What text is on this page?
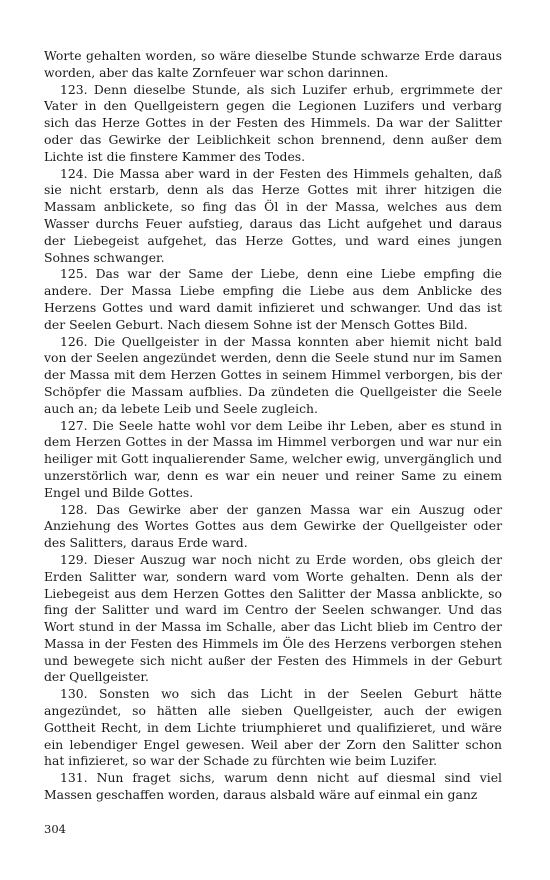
Worte gehalten worden, so wäre dieselbe Stunde schwarze Erde daraus worden, aber das kalte Zornfeuer war schon darinnen.

123. Denn dieselbe Stunde, als sich Luzifer erhub, ergrimmete der Vater in den Quellgeistern gegen die Legionen Luzifers und verbarg sich das Herze Gottes in der Festen des Himmels. Da war der Salitter oder das Gewirke der Leiblichkeit schon brennend, denn außer dem Lichte ist die finstere Kammer des Todes.

124. Die Massa aber ward in der Festen des Himmels gehalten, daß sie nicht erstarb, denn als das Herze Gottes mit ihrer hitzigen die Massam anblickete, so fing das Öl in der Massa, welches aus dem Wasser durchs Feuer aufstieg, daraus das Licht aufgehet und daraus der Liebegeist aufgehet, das Herze Gottes, und ward eines jungen Sohnes schwanger.

125. Das war der Same der Liebe, denn eine Liebe empfing die andere. Der Massa Liebe empfing die Liebe aus dem Anblicke des Herzens Gottes und ward damit infizieret und schwanger. Und das ist der Seelen Geburt. Nach diesem Sohne ist der Mensch Gottes Bild.

126. Die Quellgeister in der Massa konnten aber hiemit nicht bald von der Seelen angezündet werden, denn die Seele stund nur im Samen der Massa mit dem Herzen Gottes in seinem Himmel verborgen, bis der Schöpfer die Massam aufblies. Da zündeten die Quellgeister die Seele auch an; da lebete Leib und Seele zugleich.

127. Die Seele hatte wohl vor dem Leibe ihr Leben, aber es stund in dem Herzen Gottes in der Massa im Himmel verborgen und war nur ein heiliger mit Gott inqualierender Same, welcher ewig, unvergänglich und unzerstörlich war, denn es war ein neuer und reiner Same zu einem Engel und Bilde Gottes.

128. Das Gewirke aber der ganzen Massa war ein Auszug oder Anziehung des Wortes Gottes aus dem Gewirke der Quellgeister oder des Salitters, daraus Erde ward.

129. Dieser Auszug war noch nicht zu Erde worden, obs gleich der Erden Salitter war, sondern ward vom Worte gehalten. Denn als der Liebegeist aus dem Herzen Gottes den Salitter der Massa anblickte, so fing der Salitter und ward im Centro der Seelen schwanger. Und das Wort stund in der Massa im Schalle, aber das Licht blieb im Centro der Massa in der Festen des Himmels im Öle des Herzens verborgen stehen und bewegete sich nicht außer der Festen des Himmels in der Geburt der Quellgeister.

130. Sonsten wo sich das Licht in der Seelen Geburt hätte angezündet, so hätten alle sieben Quellgeister, auch der ewigen Gottheit Recht, in dem Lichte triumphieret und qualifizieret, und wäre ein lebendiger Engel gewesen. Weil aber der Zorn den Salitter schon hat infizieret, so war der Schade zu fürchten wie beim Luzifer.

131. Nun fraget sichs, warum denn nicht auf diesmal sind viel Massen geschaffen worden, daraus alsbald wäre auf einmal ein ganz

304
